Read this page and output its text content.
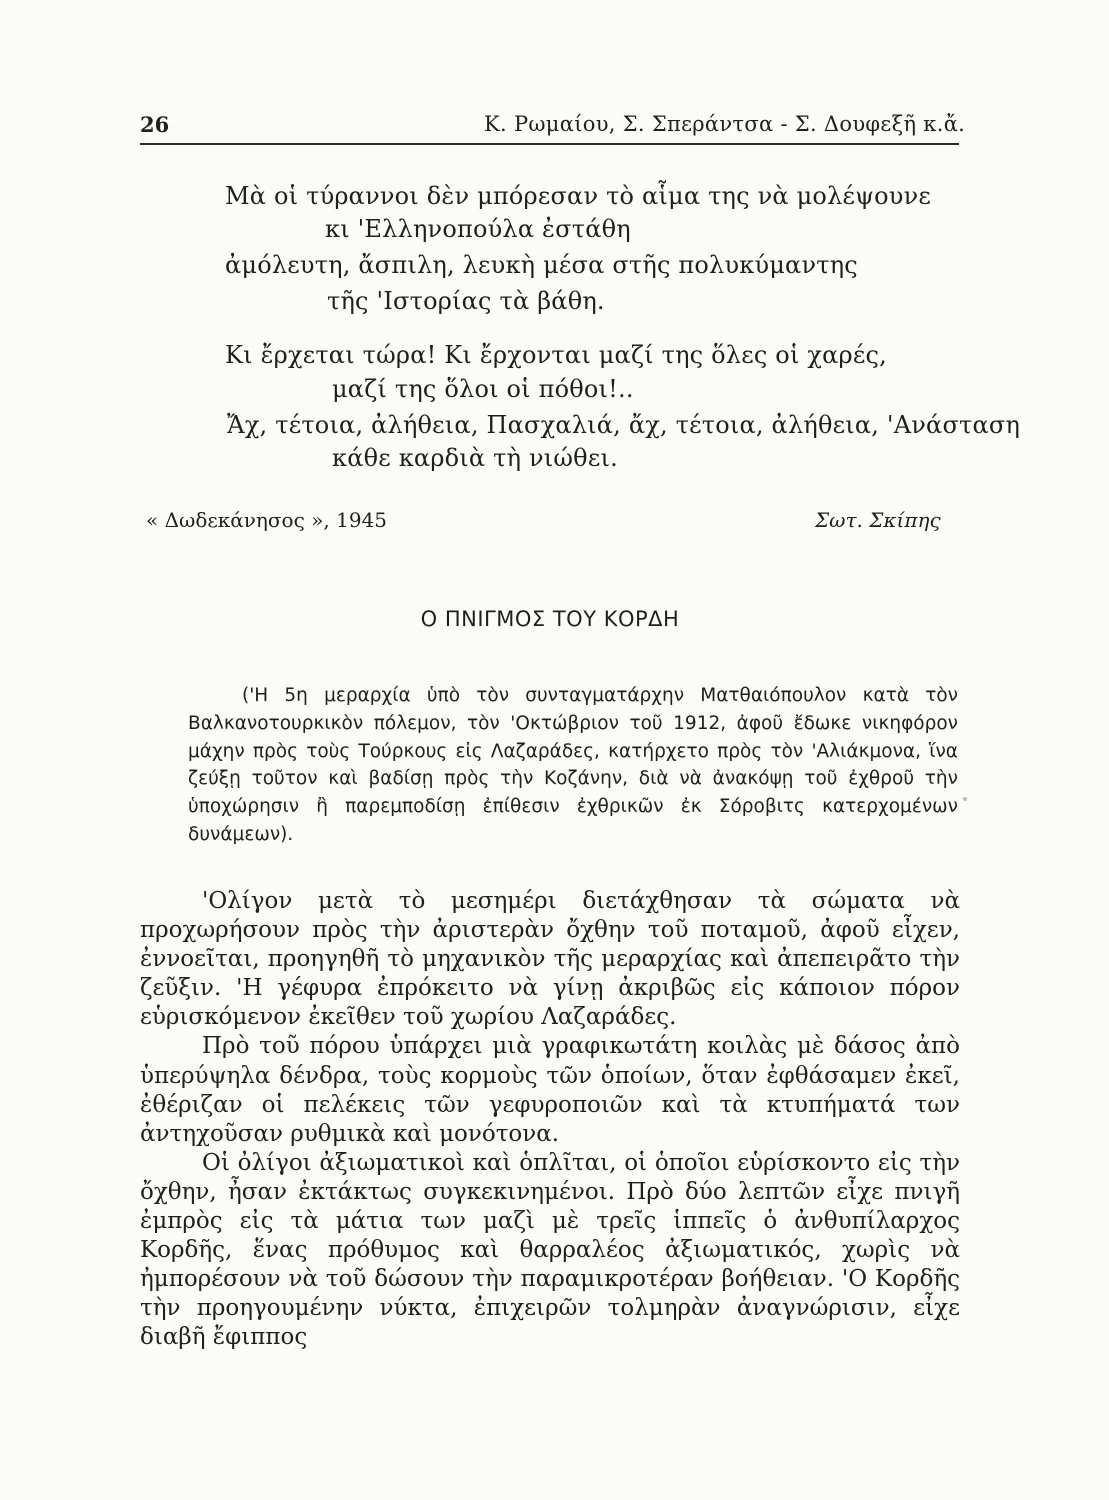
26	Κ. Ρωμαίου, Σ. Σπεράντσα - Σ. Δουφεξῆ κ.ἄ.
Μὰ οἱ τύραννοι δὲν μπόρεσαν τὸ αἷμα της νὰ μολέψουνε
κι 'Ελληνοπούλα ἐστάθη
ἀμόλευτη, ἄσπιλη, λευκὴ μέσα στῆς πολυκύμαντης
τῆς 'Ιστορίας τὰ βάθη.
Κι ἔρχεται τώρα! Κι ἔρχονται μαζί της ὅλες οἱ χαρές,
μαζί της ὅλοι οἱ πόθοι!..
Ἄχ, τέτοια, ἀλήθεια, Πασχαλιά, ἄχ, τέτοια, ἀλήθεια, 'Ανάσταση
κάθε καρδιὰ τὴ νιώθει.
« Δωδεκάνησος », 1945	Σωτ. Σκίπης
Ο ΠΝΙΓΜΟΣ ΤΟΥ ΚΟΡΔΗ

('Η 5η μεραρχία ὑπὸ τὸν συνταγματάρχην Ματθαιόπουλον κατὰ τὸν Βαλκανοτουρκικὸν πόλεμον, τὸν 'Οκτώβριον τοῦ 1912, ἀφοῦ ἔδωκε νικηφόρον μάχην πρὸς τοὺς Τούρκους εἰς Λαζαράδες, κατήρχετο πρὸς τὸν 'Αλιάκμονα, ἵνα ζεύξῃ τοῦτον καὶ βαδίσῃ πρὸς τὴν Κοζάνην, διὰ νὰ ἀνακόψῃ τοῦ ἐχθροῦ τὴν ὑποχώρησιν ἢ παρεμποδίσῃ ἐπίθεσιν ἐχθρικῶν ἐκ Σόροβιτς κατερχομένων δυνάμεων).

'Ολίγον μετὰ τὸ μεσημέρι διετάχθησαν τὰ σώματα νὰ προχωρήσουν πρὸς τὴν ἀριστερὰν ὄχθην τοῦ ποταμοῦ, ἀφοῦ εἶχεν, ἐννοεῖται, προηγηθῆ τὸ μηχανικὸν τῆς μεραρχίας καὶ ἀπεπειρᾶτο τὴν ζεῦξιν. 'Η γέφυρα ἐπρόκειτο νὰ γίνῃ ἀκριβῶς εἰς κάποιον πόρον εὑρισκόμενον ἐκεῖθεν τοῦ χωρίου Λαζαράδες.

Πρὸ τοῦ πόρου ὑπάρχει μιὰ γραφικωτάτη κοιλὰς μὲ δάσος ἀπὸ ὑπερύψηλα δένδρα, τοὺς κορμοὺς τῶν ὁποίων, ὅταν ἐφθάσαμεν ἐκεῖ, ἐθέριζαν οἱ πελέκεις τῶν γεφυροποιῶν καὶ τὰ κτυπήματά των ἀντηχοῦσαν ρυθμικὰ καὶ μονότονα.

Οἱ ὀλίγοι ἀξιωματικοὶ καὶ ὁπλῖται, οἱ ὁποῖοι εὑρίσκοντο εἰς τὴν ὄχθην, ἦσαν ἐκτάκτως συγκεκινημένοι. Πρὸ δύο λεπτῶν εἶχε πνιγῆ ἐμπρὸς εἰς τὰ μάτια των μαζὶ μὲ τρεῖς ἱππεῖς ὁ ἀνθυπίλαρχος Κορδῆς, ἕνας πρόθυμος καὶ θαρραλέος ἀξιωματικός, χωρὶς νὰ ἠμπορέσουν νὰ τοῦ δώσουν τὴν παραμικροτέραν βοήθειαν. 'Ο Κορδῆς τὴν προηγουμένην νύκτα, ἐπιχειρῶν τολμηρὰν ἀναγνώρισιν, εἶχε διαβῆ ἔφιππος
